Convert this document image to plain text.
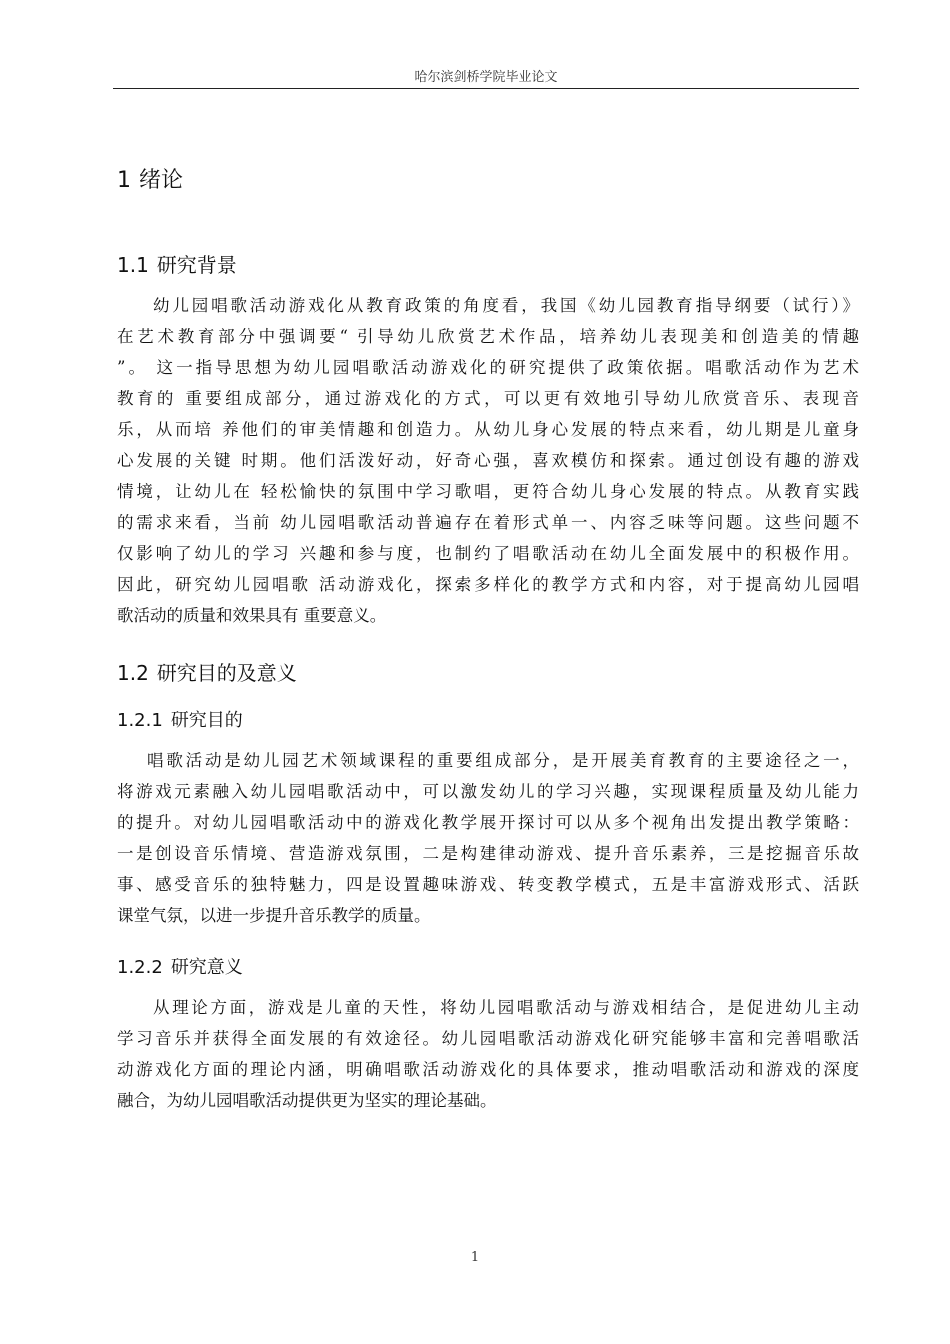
哈尔滨剑桥学院毕业论文
1 绪论
1.1 研究背景
幼儿园唱歌活动游戏化从教育政策的角度看，我国《幼儿园教育指导纲要（试行）》
在艺术教育部分中强调要“ 引导幼儿欣赏艺术作品，培养幼儿表现美和创造美的情趣
”。 这一指导思想为幼儿园唱歌活动游戏化的研究提供了政策依据。唱歌活动作为艺术
教育的 重要组成部分，通过游戏化的方式，可以更有效地引导幼儿欣赏音乐、表现音
乐，从而培 养他们的审美情趣和创造力。从幼儿身心发展的特点来看，幼儿期是儿童身
心发展的关键 时期。他们活泼好动，好奇心强，喜欢模仿和探索。通过创设有趣的游戏
情境，让幼儿在 轻松愉快的氛围中学习歌唱，更符合幼儿身心发展的特点。从教育实践
的需求来看，当前 幼儿园唱歌活动普遍存在着形式单一、内容乏味等问题。这些问题不
仅影响了幼儿的学习 兴趣和参与度，也制约了唱歌活动在幼儿全面发展中的积极作用。
因此，研究幼儿园唱歌 活动游戏化，探索多样化的教学方式和内容，对于提高幼儿园唱
歌活动的质量和效果具有 重要意义。
1.2 研究目的及意义
1.2.1 研究目的
唱歌活动是幼儿园艺术领域课程的重要组成部分，是开展美育教育的主要途径之一，
将游戏元素融入幼儿园唱歌活动中，可以激发幼儿的学习兴趣，实现课程质量及幼儿能力
的提升。对幼儿园唱歌活动中的游戏化教学展开探讨可以从多个视角出发提出教学策略：
一是创设音乐情境、营造游戏氛围，二是构建律动游戏、提升音乐素养，三是挖掘音乐故
事、感受音乐的独特魅力，四是设置趣味游戏、转变教学模式，五是丰富游戏形式、活跃
课堂气氛，以进一步提升音乐教学的质量。
1.2.2 研究意义
从理论方面，游戏是儿童的天性，将幼儿园唱歌活动与游戏相结合，是促进幼儿主动
学习音乐并获得全面发展的有效途径。幼儿园唱歌活动游戏化研究能够丰富和完善唱歌活
动游戏化方面的理论内涵，明确唱歌活动游戏化的具体要求，推动唱歌活动和游戏的深度
融合，为幼儿园唱歌活动提供更为坚实的理论基础。
1
